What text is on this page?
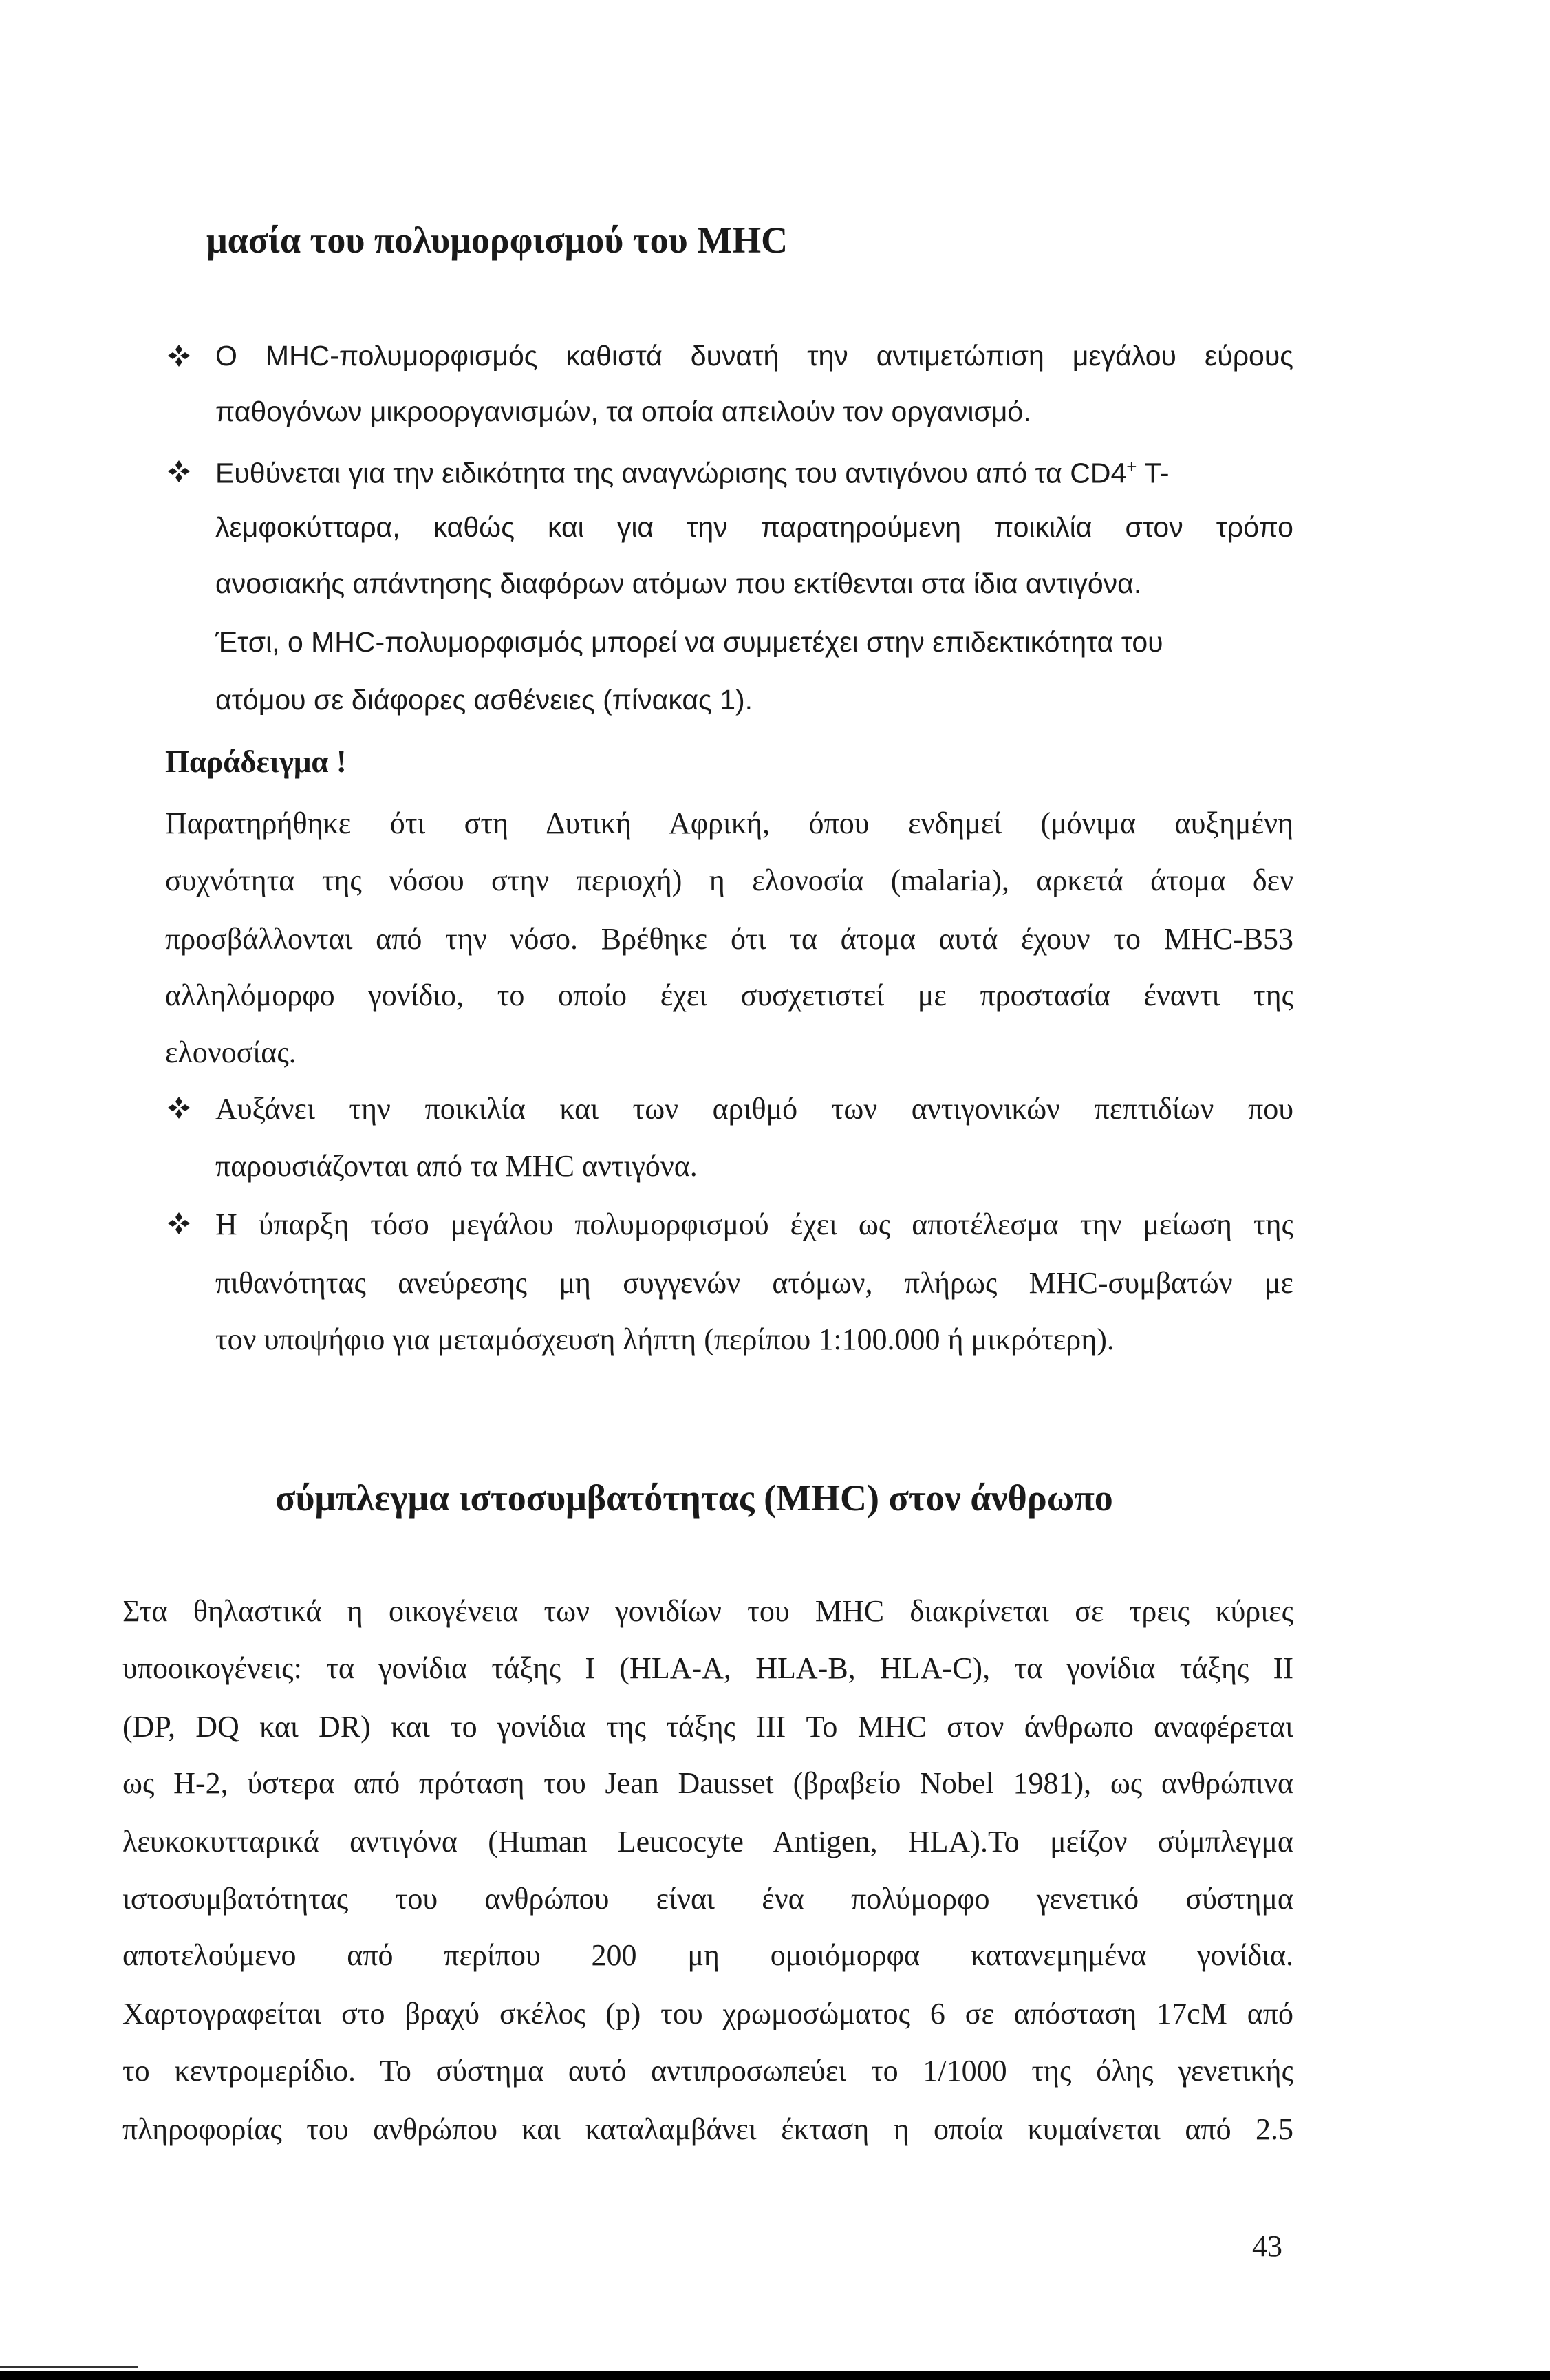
μασία του πολυμορφισμού του MHC
Ο MHC-πολυμορφισμός καθιστά δυνατή την αντιμετώπιση μεγάλου εύρους
παθογόνων μικροοργανισμών, τα οποία απειλούν τον οργανισμό.
Ευθύνεται για την ειδικότητα της αναγνώρισης του αντιγόνου από τα CD4+ T-
λεμφοκύτταρα, καθώς και για την παρατηρούμενη ποικιλία στον τρόπο
ανοσιακής απάντησης διαφόρων ατόμων που εκτίθενται στα ίδια αντιγόνα.
Έτσι, ο MHC-πολυμορφισμός μπορεί να συμμετέχει στην επιδεκτικότητα του
ατόμου σε διάφορες ασθένειες (πίνακας 1).
Παράδειγμα !
Παρατηρήθηκε ότι στη Δυτική Αφρική, όπου ενδημεί (μόνιμα αυξημένη
συχνότητα της νόσου στην περιοχή) η ελονοσία (malaria), αρκετά άτομα δεν
προσβάλλονται από την νόσο. Βρέθηκε ότι τα άτομα αυτά έχουν το MHC-B53
αλληλόμορφο γονίδιο, το οποίο έχει συσχετιστεί με προστασία έναντι της
ελονοσίας.
Αυξάνει την ποικιλία και των αριθμό των αντιγονικών πεπτιδίων που
παρουσιάζονται από τα MHC αντιγόνα.
Η ύπαρξη τόσο μεγάλου πολυμορφισμού έχει ως αποτέλεσμα την μείωση της
πιθανότητας ανεύρεσης μη συγγενών ατόμων, πλήρως MHC-συμβατών με
τον υποψήφιο για μεταμόσχευση λήπτη (περίπου 1:100.000 ή μικρότερη).
σύμπλεγμα ιστοσυμβατότητας (MHC) στον άνθρωπο
Στα θηλαστικά η οικογένεια των γονιδίων του MHC διακρίνεται σε τρεις κύριες
υποοικογένεις: τα γονίδια τάξης I (HLA-A, HLA-B, HLA-C), τα γονίδια τάξης II
(DP, DQ και DR) και το γονίδια της τάξης III Το MHC στον άνθρωπο αναφέρεται
ως H-2, ύστερα από πρόταση του Jean Dausset (βραβείο Nobel 1981), ως ανθρώπινα
λευκοκυτταρικά αντιγόνα (Human Leucocyte Antigen, HLA).Το μείζον σύμπλεγμα
ιστοσυμβατότητας του ανθρώπου είναι ένα πολύμορφο γενετικό σύστημα
αποτελούμενο από περίπου 200 μη ομοιόμορφα κατανεμημένα γονίδια.
Χαρτογραφείται στο βραχύ σκέλος (p) του χρωμοσώματος 6 σε απόσταση 17cM από
το κεντρομερίδιο. Το σύστημα αυτό αντιπροσωπεύει το 1/1000 της όλης γενετικής
πληροφορίας του ανθρώπου και καταλαμβάνει έκταση η οποία κυμαίνεται από 2.5
43
